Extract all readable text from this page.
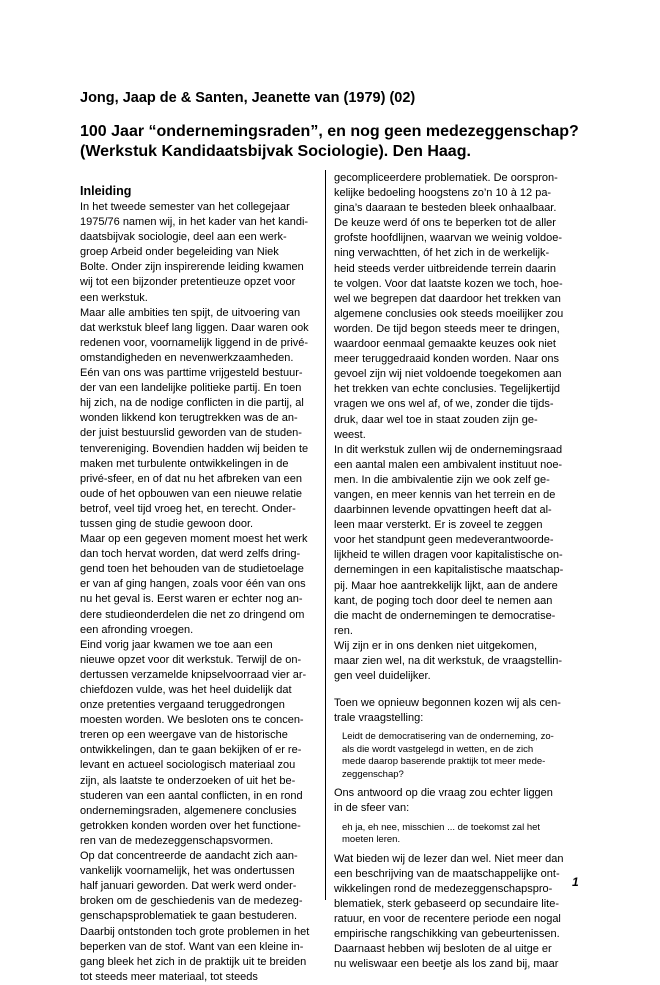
Jong, Jaap de & Santen, Jeanette van (1979) (02)
100 Jaar “ondernemingsraden”, en nog geen medezeggenschap?
(Werkstuk Kandidaatsbijvak Sociologie). Den Haag.
Inleiding
In het tweede semester van het collegejaar
1975/76 namen wij, in het kader van het kandi-
daatsbijvak sociologie, deel aan een werk-
groep Arbeid onder begeleiding van Niek
Bolte. Onder zijn inspirerende leiding kwamen
wij tot een bijzonder pretentieuze opzet voor
een werkstuk.
Maar alle ambities ten spijt, de uitvoering van
dat werkstuk bleef lang liggen. Daar waren ook
redenen voor, voornamelijk liggend in de privé-
omstandigheden en nevenwerkzaamheden.
Eén van ons was parttime vrijgesteld bestuur-
der van een landelijke politieke partij. En toen
hij zich, na de nodige conflicten in die partij, al
wonden likkend kon terugtrekken was de an-
der juist bestuurslid geworden van de studen-
tenvereniging. Bovendien hadden wij beiden te
maken met turbulente ontwikkelingen in de
privé-sfeer, en of dat nu het afbreken van een
oude of het opbouwen van een nieuwe relatie
betrof, veel tijd vroeg het, en terecht. Onder-
tussen ging de studie gewoon door.
Maar op een gegeven moment moest het werk
dan toch hervat worden, dat werd zelfs dring-
gend toen het behouden van de studietoelage
er van af ging hangen, zoals voor één van ons
nu het geval is. Eerst waren er echter nog an-
dere studieonderdelen die net zo dringend om
een afronding vroegen.
Eind vorig jaar kwamen we toe aan een
nieuwe opzet voor dit werkstuk. Terwijl de on-
dertussen verzamelde knipselvoorraad vier ar-
chiefdozen vulde, was het heel duidelijk dat
onze pretenties vergaand teruggedrongen
moesten worden. We besloten ons te concen-
treren op een weergave van de historische
ontwikkelingen, dan te gaan bekijken of er re-
levant en actueel sociologisch materiaal zou
zijn, als laatste te onderzoeken of uit het be-
studeren van een aantal conflicten, in en rond
ondernemingsraden, algemenere conclusies
getrokken konden worden over het functione-
ren van de medezeggenschapsvormen.
Op dat concentreerde de aandacht zich aan-
vankelijk voornamelijk, het was ondertussen
half januari geworden. Dat werk werd onder-
broken om de geschiedenis van de medezeg-
genschapsproblematiek te gaan bestuderen.
Daarbij ontstonden toch grote problemen in het
beperken van de stof. Want van een kleine in-
gang bleek het zich in de praktijk uit te breiden
tot steeds meer materiaal, tot steeds
gecompliceerdere problematiek. De oorspron-
kelijke bedoeling hoogstens zo’n 10 à 12 pa-
gina’s daaraan te besteden bleek onhaalbaar.
De keuze werd óf ons te beperken tot de aller
grofste hoofdlijnen, waarvan we weinig voldoe-
ning verwachtten, óf het zich in de werkelijk-
heid steeds verder uitbreidende terrein daarin
te volgen. Voor dat laatste kozen we toch, hoe-
wel we begrepen dat daardoor het trekken van
algemene conclusies ook steeds moeilijker zou
worden. De tijd begon steeds meer te dringen,
waardoor eenmaal gemaakte keuzes ook niet
meer teruggedraaid konden worden. Naar ons
gevoel zijn wij niet voldoende toegekomen aan
het trekken van echte conclusies. Tegelijkertijd
vragen we ons wel af, of we, zonder die tijds-
druk, daar wel toe in staat zouden zijn ge-
weest.
In dit werkstuk zullen wij de ondernemingsraad
een aantal malen een ambivalent instituut noe-
men. In die ambivalentie zijn we ook zelf ge-
vangen, en meer kennis van het terrein en de
daarbinnen levende opvattingen heeft dat al-
leen maar versterkt. Er is zoveel te zeggen
voor het standpunt geen medeverantwoorde-
lijkheid te willen dragen voor kapitalistische on-
dernemingen in een kapitalistische maatschap-
pij. Maar hoe aantrekkelijk lijkt, aan de andere
kant, de poging toch door deel te nemen aan
die macht de ondernemingen te democratise-
ren.
Wij zijn er in ons denken niet uitgekomen,
maar zien wel, na dit werkstuk, de vraagstellin-
gen veel duidelijker.
Toen we opnieuw begonnen kozen wij als cen-
trale vraagstelling:
Leidt de democratisering van de onderneming, zo-
als die wordt vastgelegd in wetten, en de zich
mede daarop baserende praktijk tot meer mede-
zeggenschap?
Ons antwoord op die vraag zou echter liggen
in de sfeer van:
eh ja, eh nee, misschien ... de toekomst zal het
moeten leren.
Wat bieden wij de lezer dan wel. Niet meer dan
een beschrijving van de maatschappelijke ont-
wikkelingen rond de medezeggenschapspro-
blematiek, sterk gebaseerd op secundaire lite-
ratuur, en voor de recentere periode een nogal
empirische rangschikking van gebeurtenissen.
Daarnaast hebben wij besloten de al uitge er
nu weliswaar een beetje als los zand bij, maar
1
